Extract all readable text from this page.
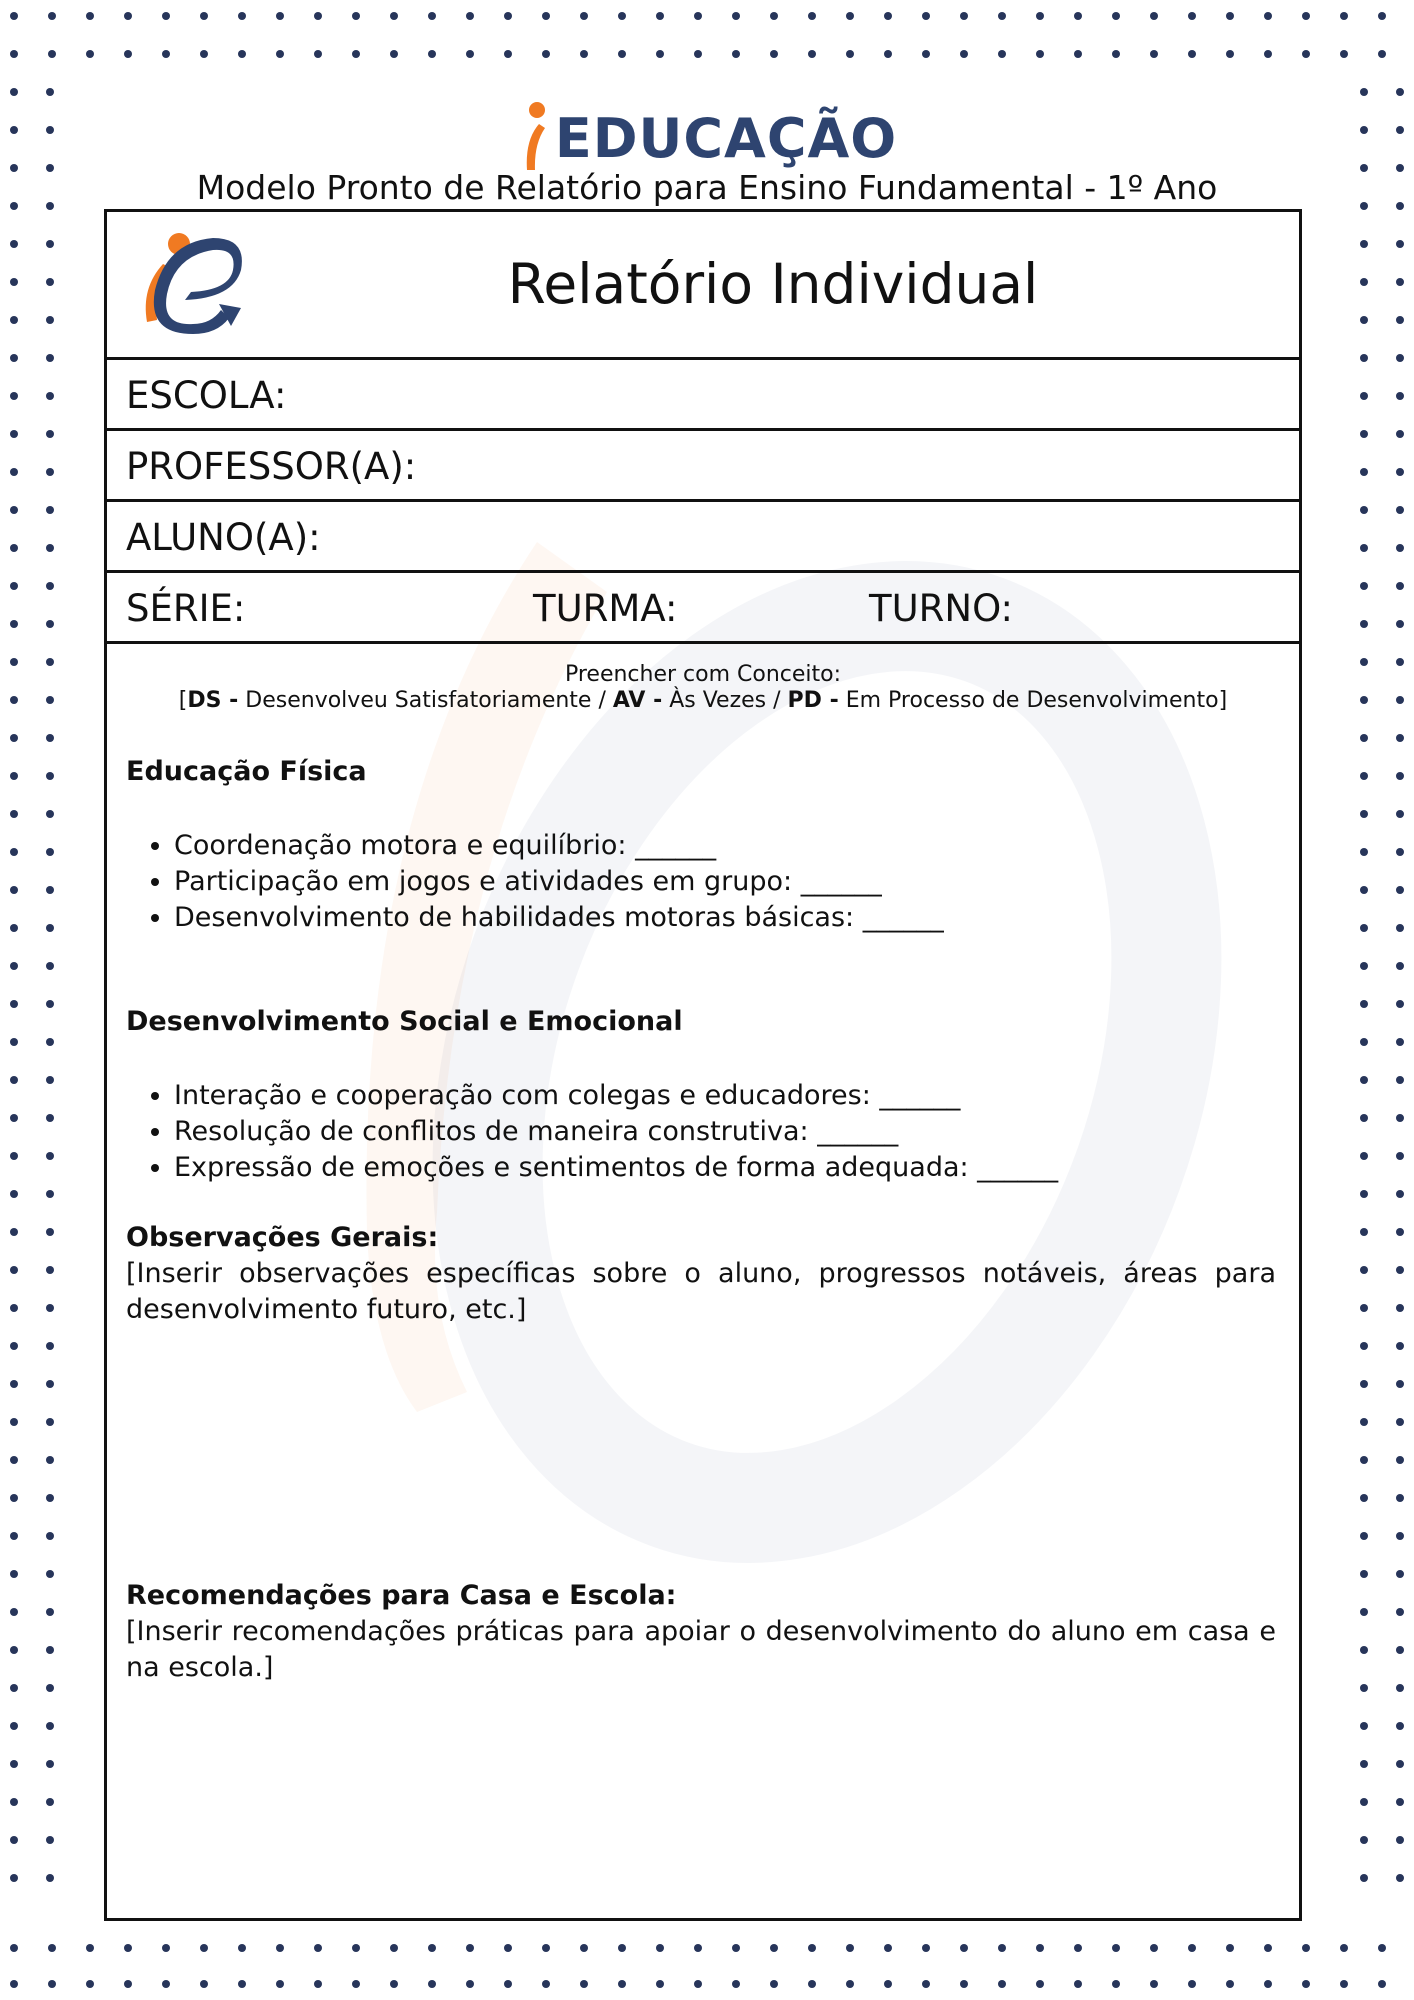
EDUCAÇÃO
Modelo Pronto de Relatório para Ensino Fundamental - 1º Ano
Relatório Individual
ESCOLA:
PROFESSOR(A):
ALUNO(A):
SÉRIE:	TURMA:	TURNO:
Preencher com Conceito:
[DS - Desenvolveu Satisfatoriamente / AV - Às Vezes / PD - Em Processo de Desenvolvimento]
Educação Física
• Coordenação motora e equilíbrio: ______
• Participação em jogos e atividades em grupo: ______
• Desenvolvimento de habilidades motoras básicas: ______
Desenvolvimento Social e Emocional
• Interação e cooperação com colegas e educadores: ______
• Resolução de conflitos de maneira construtiva: ______
• Expressão de emoções e sentimentos de forma adequada: ______
Observações Gerais:
[Inserir observações específicas sobre o aluno, progressos notáveis, áreas para desenvolvimento futuro, etc.]
Recomendações para Casa e Escola:
[Inserir recomendações práticas para apoiar o desenvolvimento do aluno em casa e na escola.]
